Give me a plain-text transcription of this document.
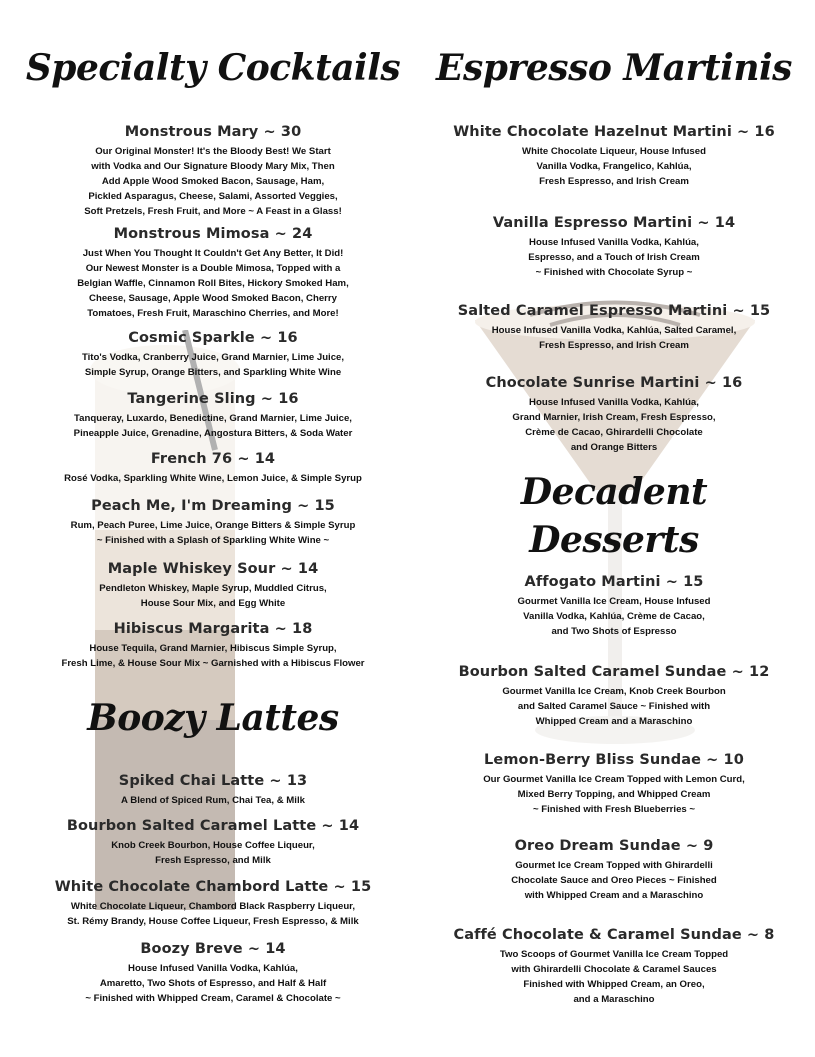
Specialty Cocktails
Monstrous Mary ~ 30

Our Original Monster! It's the Bloody Best! We Start
with Vodka and Our Signature Bloody Mary Mix, Then
Add Apple Wood Smoked Bacon, Sausage, Ham,
Pickled Asparagus, Cheese, Salami, Assorted Veggies,
Soft Pretzels, Fresh Fruit, and More ~ A Feast in a Glass!

Monstrous Mimosa ~ 24

Just When You Thought It Couldn't Get Any Better, It Did!
Our Newest Monster is a Double Mimosa, Topped with a
Belgian Waffle, Cinnamon Roll Bites, Hickory Smoked Ham,
Cheese, Sausage, Apple Wood Smoked Bacon, Cherry
Tomatoes, Fresh Fruit, Maraschino Cherries, and More!

Cosmic Sparkle ~ 16

Tito's Vodka, Cranberry Juice, Grand Marnier, Lime Juice,
Simple Syrup, Orange Bitters, and Sparkling White Wine

Tangerine Sling ~ 16

Tanqueray, Luxardo, Benedictine, Grand Marnier, Lime Juice,
Pineapple Juice, Grenadine, Angostura Bitters, & Soda Water

French 76 ~ 14

Rosé Vodka, Sparkling White Wine, Lemon Juice, & Simple Syrup

Peach Me, I'm Dreaming ~ 15

Rum, Peach Puree, Lime Juice, Orange Bitters & Simple Syrup
~ Finished with a Splash of Sparkling White Wine ~

Maple Whiskey Sour ~ 14

Pendleton Whiskey, Maple Syrup, Muddled Citrus,
House Sour Mix, and Egg White

Hibiscus Margarita ~ 18

House Tequila, Grand Marnier, Hibiscus Simple Syrup,
Fresh Lime, & House Sour Mix ~ Garnished with a Hibiscus Flower

Boozy Lattes
Spiked Chai Latte ~ 13

A Blend of Spiced Rum, Chai Tea, & Milk

Bourbon Salted Caramel Latte ~ 14

Knob Creek Bourbon, House Coffee Liqueur,
Fresh Espresso, and Milk

White Chocolate Chambord Latte ~ 15

White Chocolate Liqueur, Chambord Black Raspberry Liqueur,
St. Rémy Brandy, House Coffee Liqueur, Fresh Espresso, & Milk

Boozy Breve ~ 14

House Infused Vanilla Vodka, Kahlúa,
Amaretto, Two Shots of Espresso, and Half & Half
~ Finished with Whipped Cream, Caramel & Chocolate ~

Espresso Martinis
White Chocolate Hazelnut Martini ~ 16

White Chocolate Liqueur, House Infused
Vanilla Vodka, Frangelico, Kahlúa,
Fresh Espresso, and Irish Cream

Vanilla Espresso Martini ~ 14

House Infused Vanilla Vodka, Kahlúa,
Espresso, and a Touch of Irish Cream
~ Finished with Chocolate Syrup ~

Salted Caramel Espresso Martini ~ 15

House Infused Vanilla Vodka, Kahlúa, Salted Caramel,
Fresh Espresso, and Irish Cream

Chocolate Sunrise Martini ~ 16

House Infused Vanilla Vodka, Kahlúa,
Grand Marnier, Irish Cream, Fresh Espresso,
Crème de Cacao, Ghirardelli Chocolate
and Orange Bitters

Decadent
Desserts
Affogato Martini ~ 15

Gourmet Vanilla Ice Cream, House Infused
Vanilla Vodka, Kahlúa, Crème de Cacao,
and Two Shots of Espresso

Bourbon Salted Caramel Sundae ~ 12

Gourmet Vanilla Ice Cream, Knob Creek Bourbon
and Salted Caramel Sauce ~ Finished with
Whipped Cream and a Maraschino

Lemon-Berry Bliss Sundae ~ 10

Our Gourmet Vanilla Ice Cream Topped with Lemon Curd,
Mixed Berry Topping, and Whipped Cream
~ Finished with Fresh Blueberries ~

Oreo Dream Sundae ~ 9

Gourmet Ice Cream Topped with Ghirardelli
Chocolate Sauce and Oreo Pieces ~ Finished
with Whipped Cream and a Maraschino

Caffé Chocolate & Caramel Sundae ~ 8

Two Scoops of Gourmet Vanilla Ice Cream Topped
with Ghirardelli Chocolate & Caramel Sauces
Finished with Whipped Cream, an Oreo,
and a Maraschino
